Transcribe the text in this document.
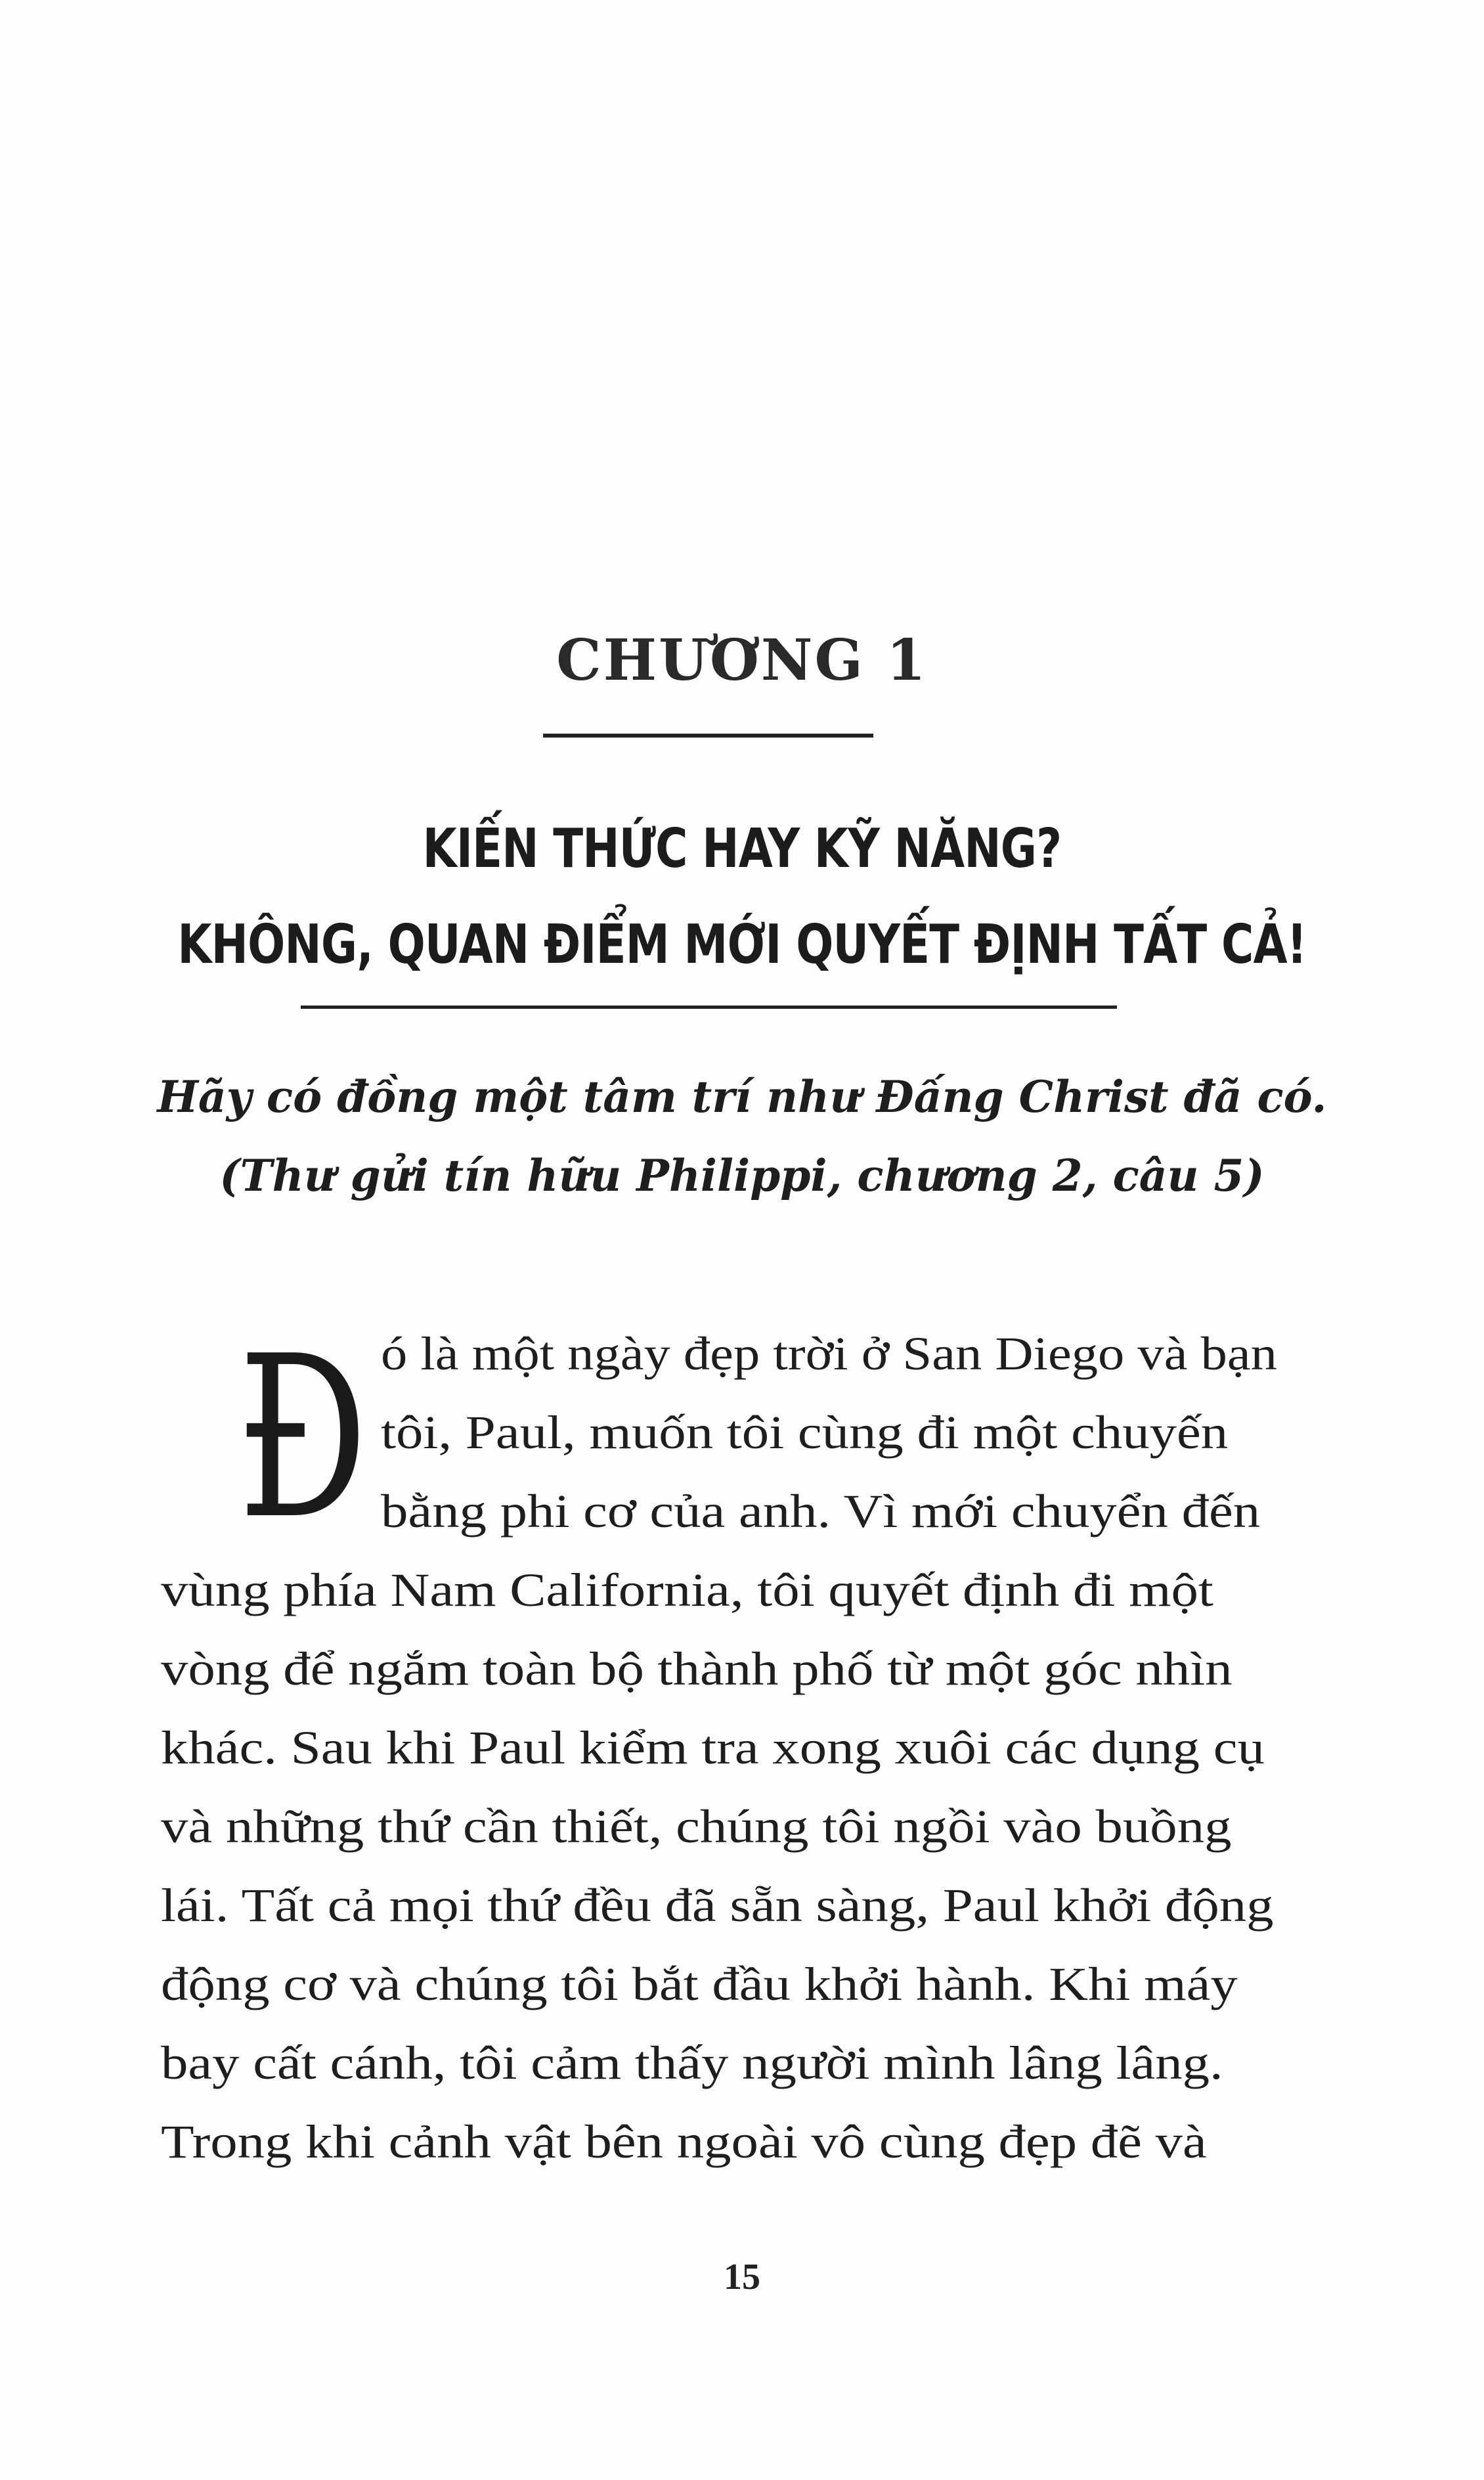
CHƯƠNG 1
KIẾN THỨC HAY KỸ NĂNG?
KHÔNG, QUAN ĐIỂM MỚI QUYẾT ĐỊNH TẤT CẢ!
Hãy có đồng một tâm trí như Đấng Christ đã có.
(Thư gửi tín hữu Philippi, chương 2, câu 5)
Đ ó là một ngày đẹp trời ở San Diego và bạn
tôi, Paul, muốn tôi cùng đi một chuyến
bằng phi cơ của anh. Vì mới chuyển đến
vùng phía Nam California, tôi quyết định đi một
vòng để ngắm toàn bộ thành phố từ một góc nhìn
khác. Sau khi Paul kiểm tra xong xuôi các dụng cụ
và những thứ cần thiết, chúng tôi ngồi vào buồng
lái. Tất cả mọi thứ đều đã sẵn sàng, Paul khởi động
động cơ và chúng tôi bắt đầu khởi hành. Khi máy
bay cất cánh, tôi cảm thấy người mình lâng lâng.
Trong khi cảnh vật bên ngoài vô cùng đẹp đẽ và
15
